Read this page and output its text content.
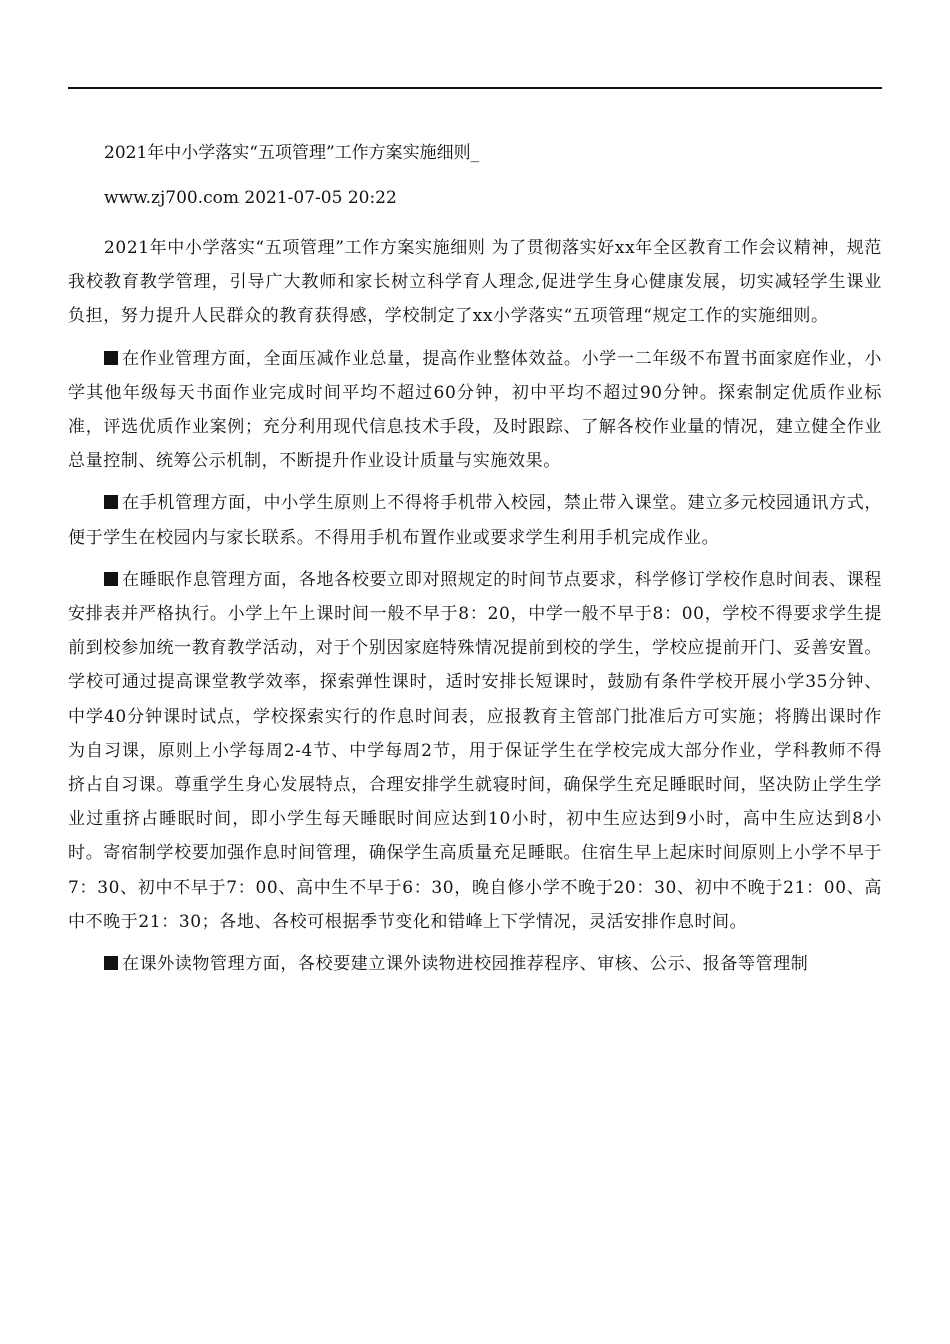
2021年中小学落实“五项管理”工作方案实施细则_
www.zj700.com 2021-07-05 20:22

2021年中小学落实“五项管理”工作方案实施细则 为了贯彻落实好xx年全区教育工作会议精神，规范我校教育教学管理，引导广大教师和家长树立科学育人理念,促进学生身心健康发展，切实减轻学生课业负担，努力提升人民群众的教育获得感，学校制定了xx小学落实“五项管理“规定工作的实施细则。

在作业管理方面，全面压减作业总量，提高作业整体效益。小学一二年级不布置书面家庭作业，小学其他年级每天书面作业完成时间平均不超过60分钟，初中平均不超过90分钟。探索制定优质作业标准，评选优质作业案例；充分利用现代信息技术手段，及时跟踪、了解各校作业量的情况，建立健全作业总量控制、统筹公示机制，不断提升作业设计质量与实施效果。

在手机管理方面，中小学生原则上不得将手机带入校园，禁止带入课堂。建立多元校园通讯方式，便于学生在校园内与家长联系。不得用手机布置作业或要求学生利用手机完成作业。

在睡眠作息管理方面，各地各校要立即对照规定的时间节点要求，科学修订学校作息时间表、课程安排表并严格执行。小学上午上课时间一般不早于8：20，中学一般不早于8：00，学校不得要求学生提前到校参加统一教育教学活动，对于个别因家庭特殊情况提前到校的学生，学校应提前开门、妥善安置。学校可通过提高课堂教学效率，探索弹性课时，适时安排长短课时，鼓励有条件学校开展小学35分钟、中学40分钟课时试点，学校探索实行的作息时间表，应报教育主管部门批准后方可实施；将腾出课时作为自习课，原则上小学每周2-4节、中学每周2节，用于保证学生在学校完成大部分作业，学科教师不得挤占自习课。尊重学生身心发展特点，合理安排学生就寝时间，确保学生充足睡眠时间，坚决防止学生学业过重挤占睡眠时间，即小学生每天睡眠时间应达到10小时，初中生应达到9小时，高中生应达到8小时。寄宿制学校要加强作息时间管理，确保学生高质量充足睡眠。住宿生早上起床时间原则上小学不早于7：30、初中不早于7：00、高中生不早于6：30，晚自修小学不晚于20：30、初中不晚于21：00、高中不晚于21：30；各地、各校可根据季节变化和错峰上下学情况，灵活安排作息时间。

在课外读物管理方面，各校要建立课外读物进校园推荐程序、审核、公示、报备等管理制
